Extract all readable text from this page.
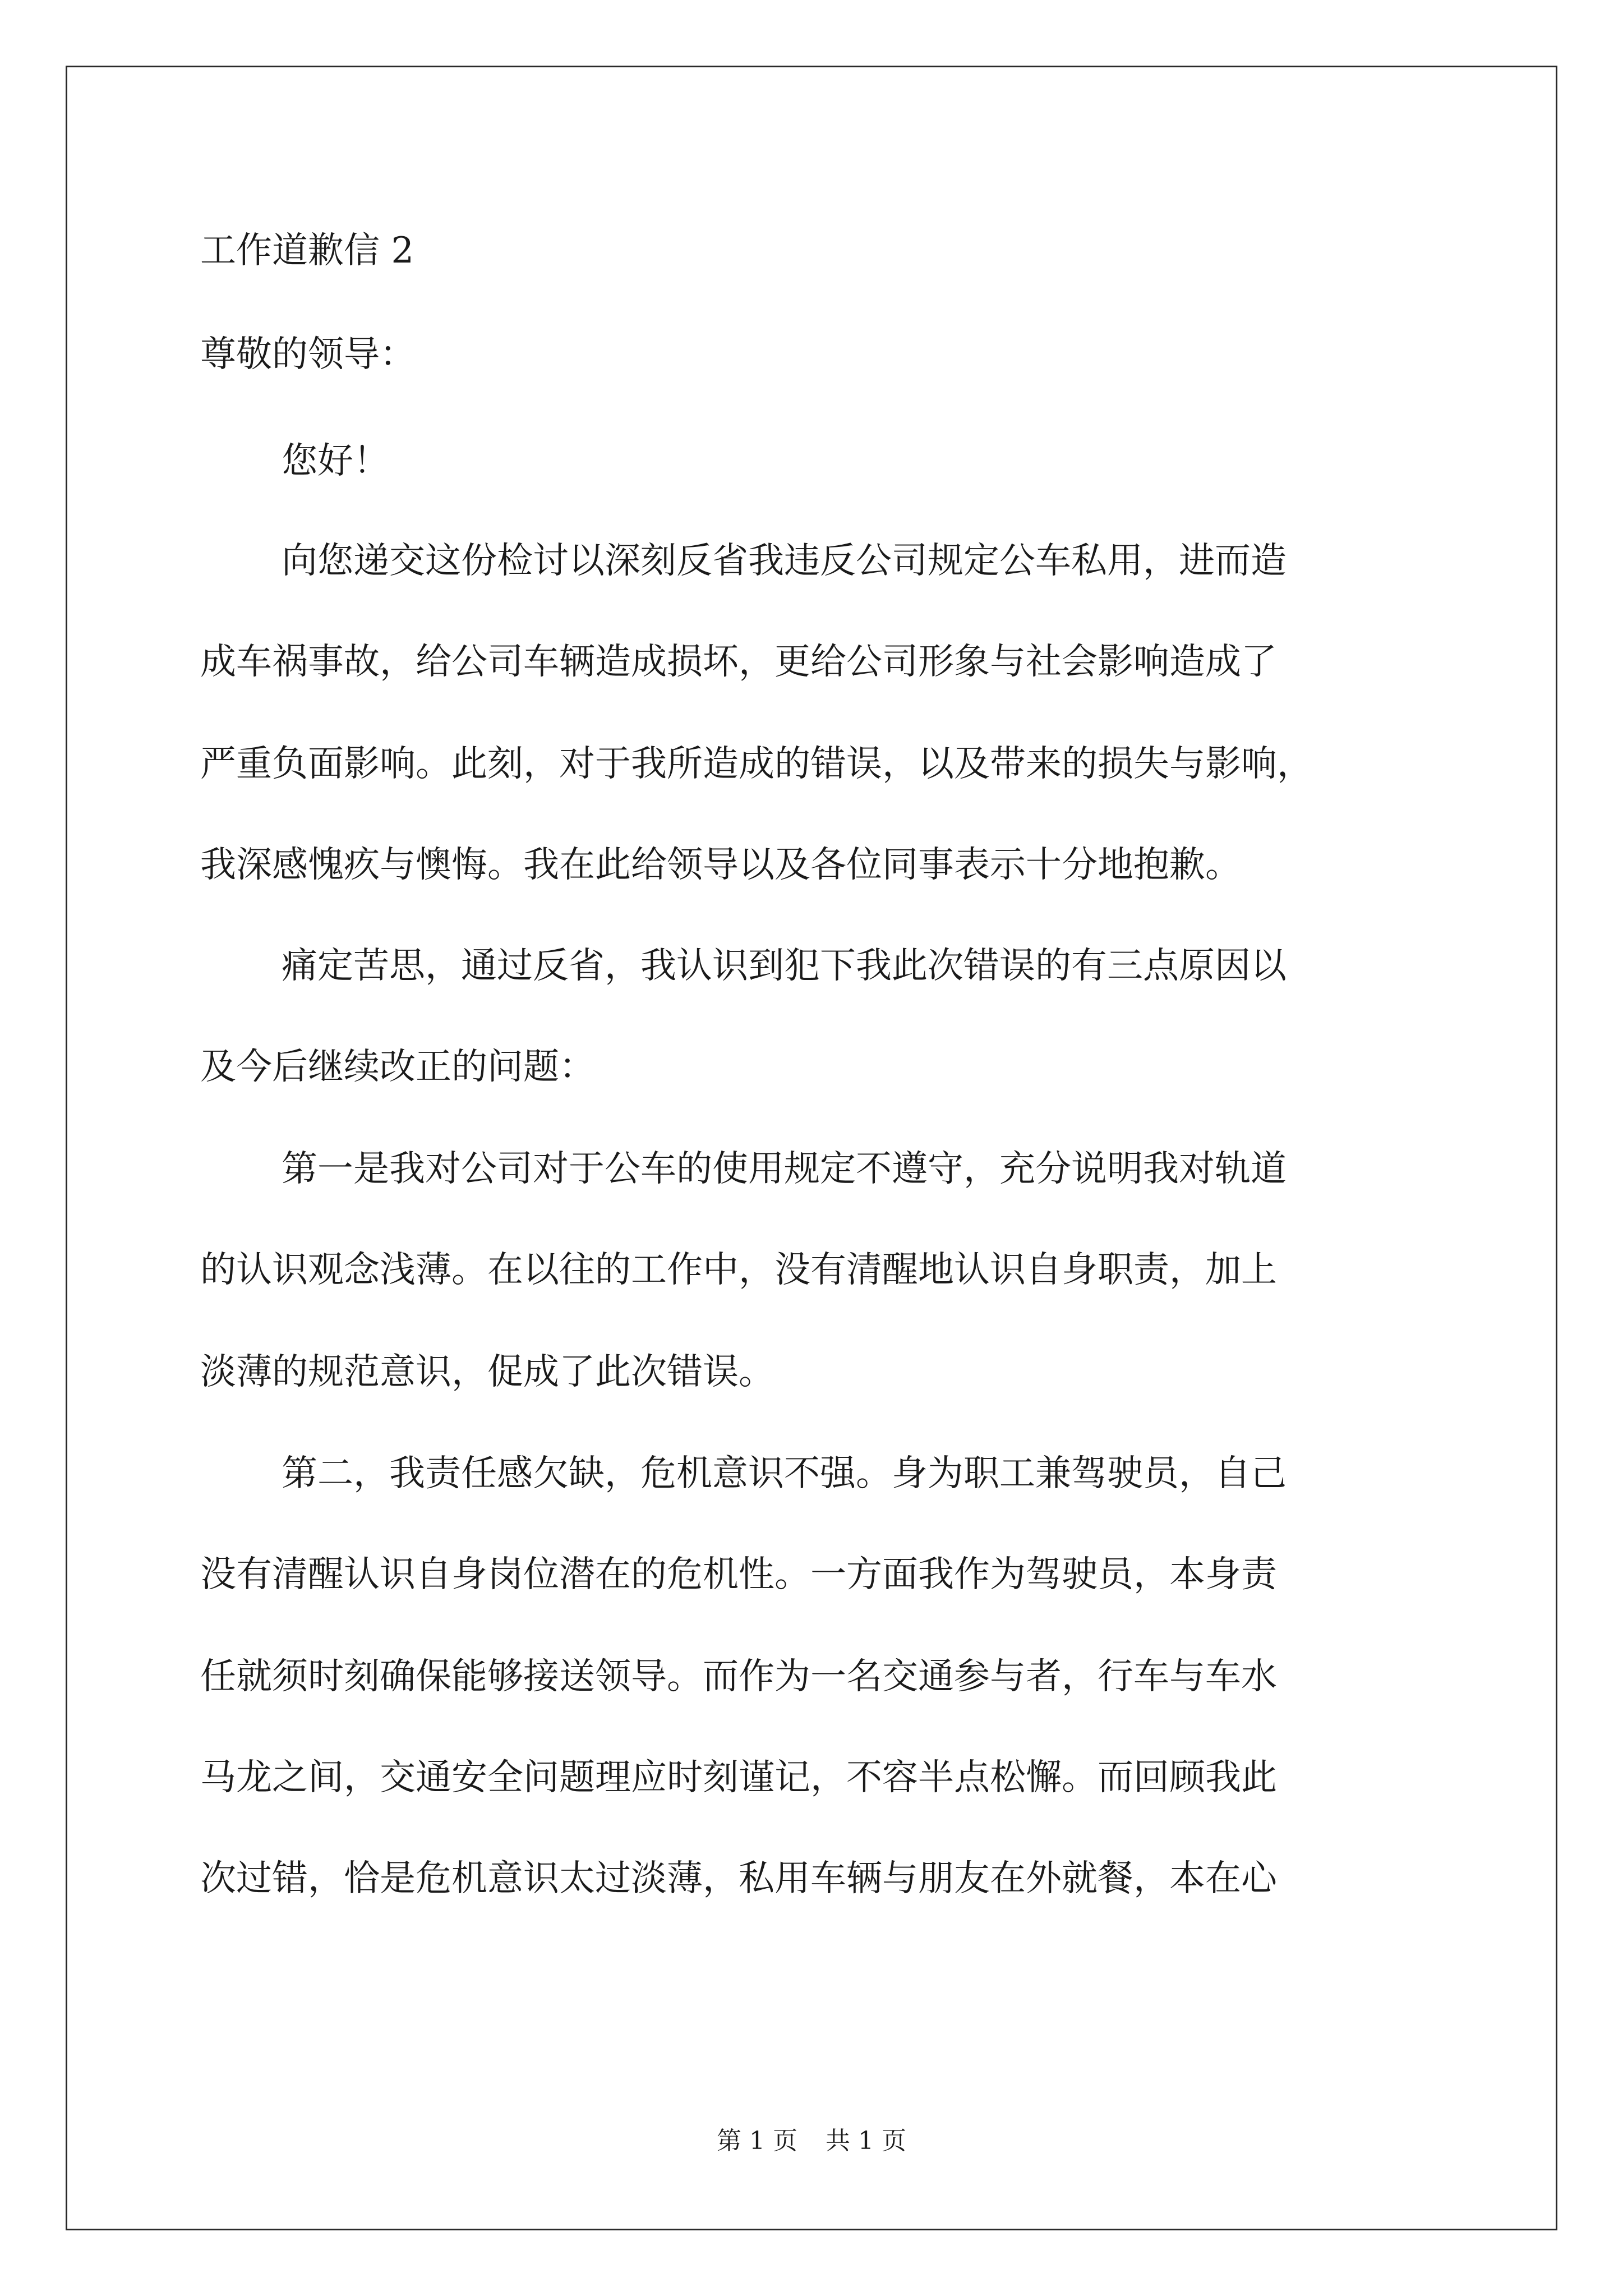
工作道歉信 2
尊敬的领导：
您好！
向您递交这份检讨以深刻反省我违反公司规定公车私用，进而造
成车祸事故，给公司车辆造成损坏，更给公司形象与社会影响造成了
严重负面影响。此刻，对于我所造成的错误，以及带来的损失与影响，
我深感愧疚与懊悔。我在此给领导以及各位同事表示十分地抱歉。
痛定苦思，通过反省，我认识到犯下我此次错误的有三点原因以
及今后继续改正的问题：
第一是我对公司对于公车的使用规定不遵守，充分说明我对轨道
的认识观念浅薄。在以往的工作中，没有清醒地认识自身职责，加上
淡薄的规范意识，促成了此次错误。
第二，我责任感欠缺，危机意识不强。身为职工兼驾驶员，自己
没有清醒认识自身岗位潜在的危机性。一方面我作为驾驶员，本身责
任就须时刻确保能够接送领导。而作为一名交通参与者，行车与车水
马龙之间，交通安全问题理应时刻谨记，不容半点松懈。而回顾我此
次过错，恰是危机意识太过淡薄，私用车辆与朋友在外就餐，本在心
第 1 页 共 1 页
